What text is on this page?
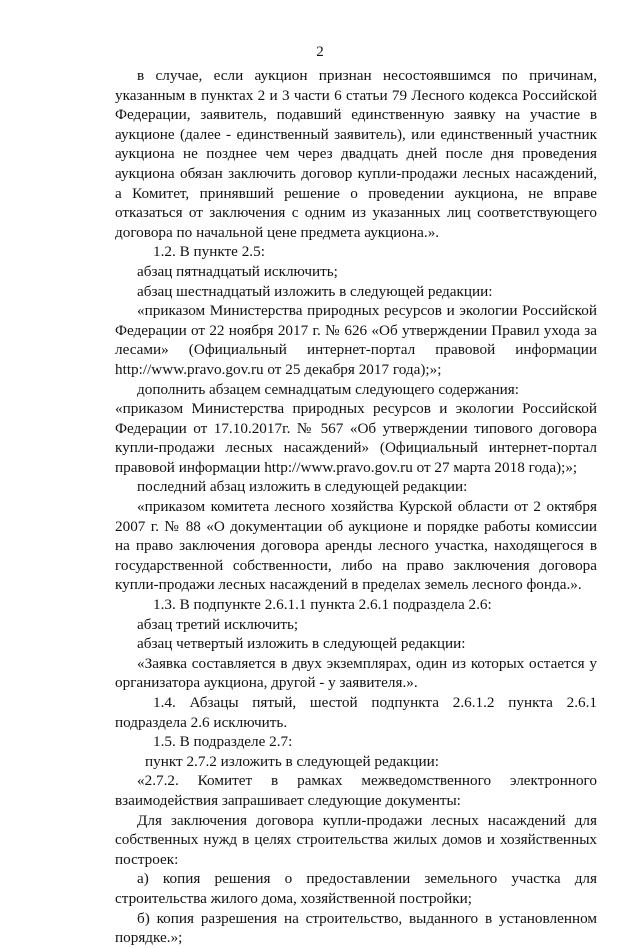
2

в случае, если аукцион признан несостоявшимся по причинам, указанным в пунктах 2 и 3 части 6 статьи 79 Лесного кодекса Российской Федерации, заявитель, подавший единственную заявку на участие в аукционе (далее - единственный заявитель), или единственный участник аукциона не позднее чем через двадцать дней после дня проведения аукциона обязан заключить договор купли-продажи лесных насаждений, а Комитет, принявший решение о проведении аукциона, не вправе отказаться от заключения с одним из указанных лиц соответствующего договора по начальной цене предмета аукциона.».

1.2. В пункте 2.5:

абзац пятнадцатый исключить;

абзац шестнадцатый изложить в следующей редакции:

«приказом Министерства природных ресурсов и экологии Российской Федерации от 22 ноября 2017 г. № 626 «Об утверждении Правил ухода за лесами» (Официальный интернет-портал правовой информации http://www.pravo.gov.ru от 25 декабря 2017 года);»;

дополнить абзацем семнадцатым следующего содержания:

«приказом Министерства природных ресурсов и экологии Российской Федерации от 17.10.2017г. № 567 «Об утверждении типового договора купли-продажи лесных насаждений» (Официальный интернет-портал правовой информации http://www.pravo.gov.ru от 27 марта 2018 года);»;

последний абзац изложить в следующей редакции:

«приказом комитета лесного хозяйства Курской области от 2 октября 2007 г. № 88 «О документации об аукционе и порядке работы комиссии на право заключения договора аренды лесного участка, находящегося в государственной собственности, либо на право заключения договора купли-продажи лесных насаждений в пределах земель лесного фонда.».

1.3. В подпункте 2.6.1.1 пункта 2.6.1 подраздела 2.6:

абзац третий исключить;

абзац четвертый изложить в следующей редакции:

«Заявка составляется в двух экземплярах, один из которых остается у организатора аукциона, другой - у заявителя.».

1.4. Абзацы пятый, шестой подпункта 2.6.1.2 пункта 2.6.1 подраздела 2.6 исключить.

1.5. В подразделе 2.7:

пункт 2.7.2 изложить в следующей редакции:

«2.7.2. Комитет в рамках межведомственного электронного взаимодействия запрашивает следующие документы:

Для заключения договора купли-продажи лесных насаждений для собственных нужд в целях строительства жилых домов и хозяйственных построек:

а) копия решения о предоставлении земельного участка для строительства жилого дома, хозяйственной постройки;

б) копия разрешения на строительство, выданного в установленном порядке.»;
